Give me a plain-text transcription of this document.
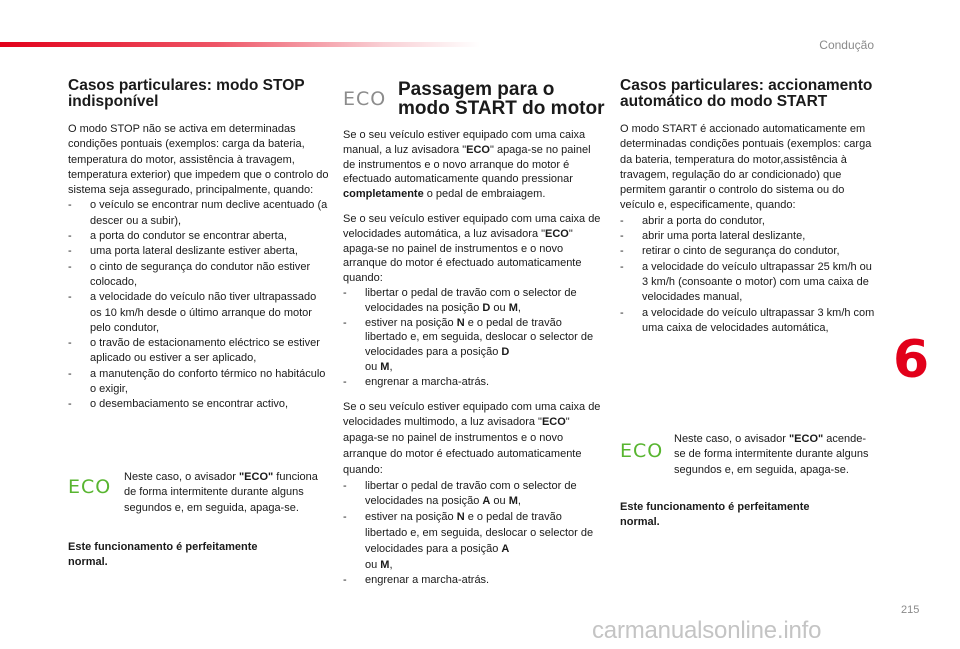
Condução
Casos particulares: modo STOP indisponível

O modo STOP não se activa em determinadas condições pontuais (exemplos: carga da bateria, temperatura do motor, assistência à travagem, temperatura exterior) que impedem que o controlo do sistema seja assegurado, principalmente, quando:

- o veículo se encontrar num declive acentuado (a descer ou a subir),
- a porta do condutor se encontrar aberta,
- uma porta lateral deslizante estiver aberta,
- o cinto de segurança do condutor não estiver colocado,
- a velocidade do veículo não tiver ultrapassado os 10 km/h desde o último arranque do motor pelo condutor,
- o travão de estacionamento eléctrico se estiver aplicado ou estiver a ser aplicado,
- a manutenção do conforto térmico no habitáculo o exigir,
- o desembaciamento se encontrar activo,
ECO Neste caso, o avisador "ECO" funciona de forma intermitente durante alguns segundos e, em seguida, apaga-se.
Este funcionamento é perfeitamente normal.
ECO Passagem para o
modo START do motor

Se o seu veículo estiver equipado com uma caixa manual, a luz avisadora "ECO" apaga-se no painel de instrumentos e o novo arranque do motor é efectuado automaticamente quando pressionar completamente o pedal de embraiagem.

Se o seu veículo estiver equipado com uma caixa de velocidades automática, a luz avisadora "ECO" apaga-se no painel de instrumentos e o novo arranque do motor é efectuado automaticamente quando:

- libertar o pedal de travão com o selector de velocidades na posição D ou M,
- estiver na posição N e o pedal de travão libertado e, em seguida, deslocar o selector de velocidades para a posição D
ou M,
- engrenar a marcha-atrás.

Se o seu veículo estiver equipado com uma caixa de velocidades multimodo, a luz avisadora "ECO" apaga-se no painel de instrumentos e o novo arranque do motor é efectuado automaticamente quando:

- libertar o pedal de travão com o selector de velocidades na posição A ou M,
- estiver na posição N e o pedal de travão libertado e, em seguida, deslocar o selector de velocidades para a posição A
ou M,
- engrenar a marcha-atrás.
Casos particulares: accionamento automático do modo START

O modo START é accionado automaticamente em determinadas condições pontuais (exemplos: carga da bateria, temperatura do motor,assistência à travagem, regulação do ar condicionado) que permitem garantir o controlo do sistema ou do veículo e, especificamente, quando:

- abrir a porta do condutor,
- abrir uma porta lateral deslizante,
- retirar o cinto de segurança do condutor,
- a velocidade do veículo ultrapassar 25 km/h ou 3 km/h (consoante o motor) com uma caixa de velocidades manual,
- a velocidade do veículo ultrapassar 3 km/h com uma caixa de velocidades automática,
ECO
Neste caso, o avisador "ECO" acende-se de forma intermitente durante alguns segundos e, em seguida, apaga-se.
Este funcionamento é perfeitamente normal.
6
215
carmanualsonline.info
